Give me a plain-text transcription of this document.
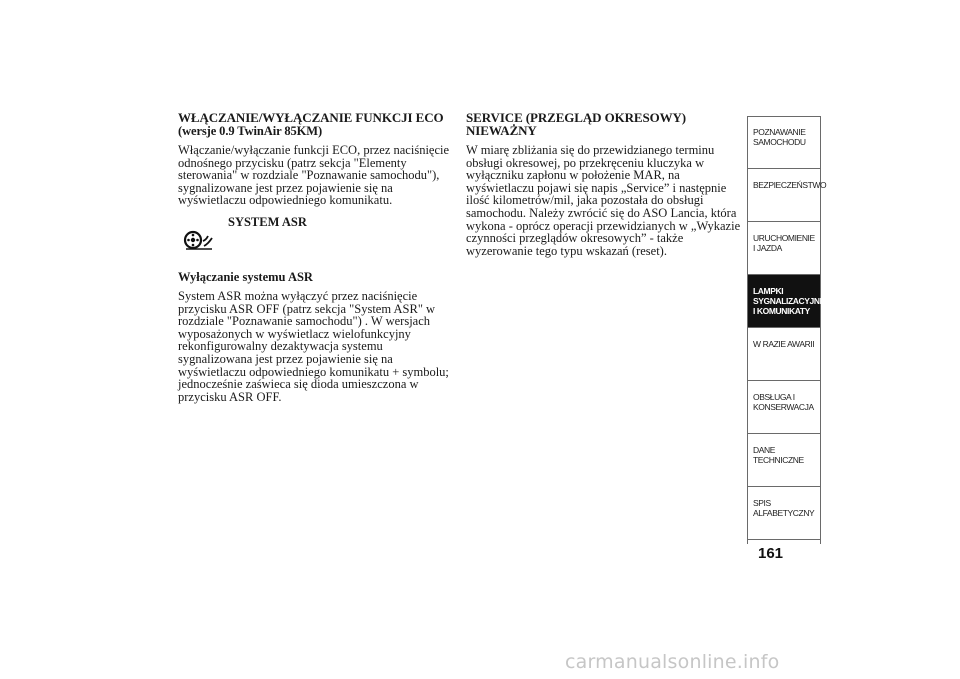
WŁĄCZANIE/WYŁĄCZANIE FUNKCJI ECO
(wersje 0.9 TwinAir 85KM)

Włączanie/wyłączanie funkcji ECO, przez naciśnięcie odnośnego przycisku (patrz sekcja "Elementy sterowania" w rozdziale "Poznawanie samochodu"), sygnalizowane jest przez pojawienie się na wyświetlaczu odpowiedniego komunikatu.

SYSTEM ASR
Wyłączanie systemu ASR

System ASR można wyłączyć przez naciśnięcie przycisku ASR OFF (patrz sekcja "System ASR" w rozdziale "Poznawanie samochodu") . W wersjach wyposażonych w wyświetlacz wielofunkcyjny rekonfigurowalny dezaktywacja systemu sygnalizowana jest przez pojawienie się na wyświetlaczu odpowiedniego komunikatu + symbolu; jednocześnie zaświeca się dioda umieszczona w przycisku ASR OFF.

SERVICE (PRZEGLĄD OKRESOWY) NIEWAŻNY

W miarę zbliżania się do przewidzianego terminu obsługi okresowej, po przekręceniu kluczyka w wyłączniku zapłonu w położenie MAR, na wyświetlaczu pojawi się napis „Service” i następnie ilość kilometrów/mil, jaka pozostała do obsługi samochodu. Należy zwrócić się do ASO Lancia, która wykona - oprócz operacji przewidzianych w „Wykazie czynności przeglądów okresowych” - także wyzerowanie tego typu wskazań (reset).

POZNAWANIE SAMOCHODU
BEZPIECZEŃSTWO
URUCHOMIENIE I JAZDA
LAMPKI SYGNALIZACYJNE I KOMUNIKATY
W RAZIE AWARII
OBSŁUGA I KONSERWACJA
DANE TECHNICZNE
SPIS ALFABETYCZNY
161
carmanualsonline.info
